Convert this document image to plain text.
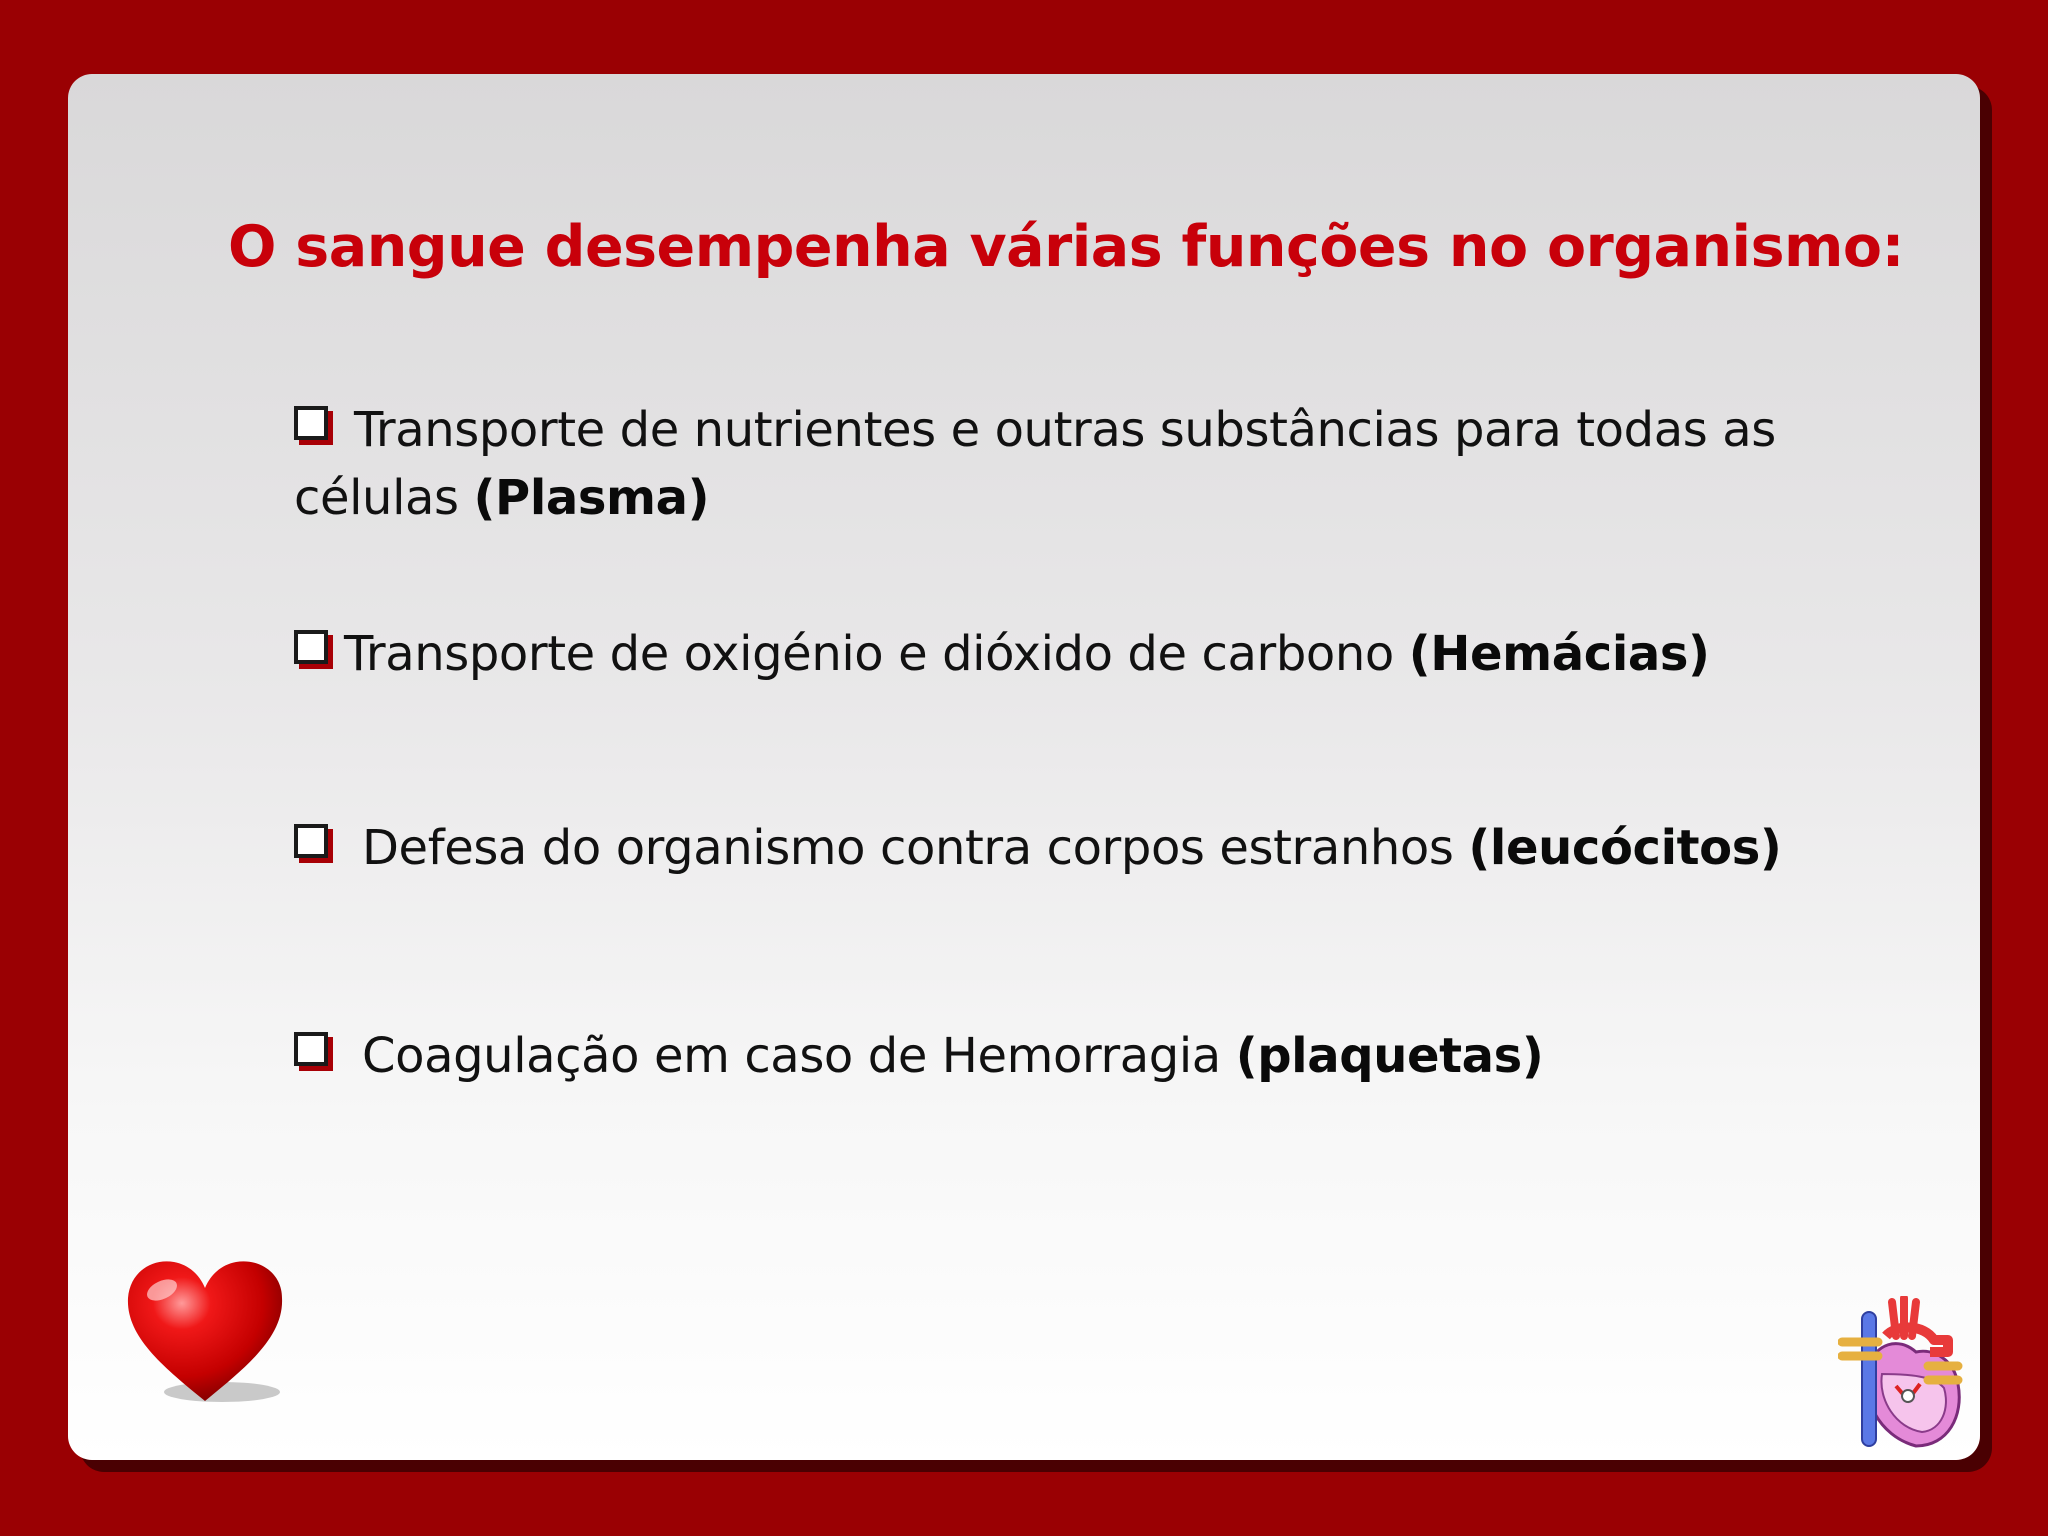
O sangue desempenha várias funções no organismo:
Transporte de nutrientes e outras substâncias para todas as células (Plasma)
Transporte de oxigénio e dióxido de carbono (Hemácias)
Defesa do organismo contra corpos estranhos (leucócitos)
Coagulação em caso de Hemorragia (plaquetas)
